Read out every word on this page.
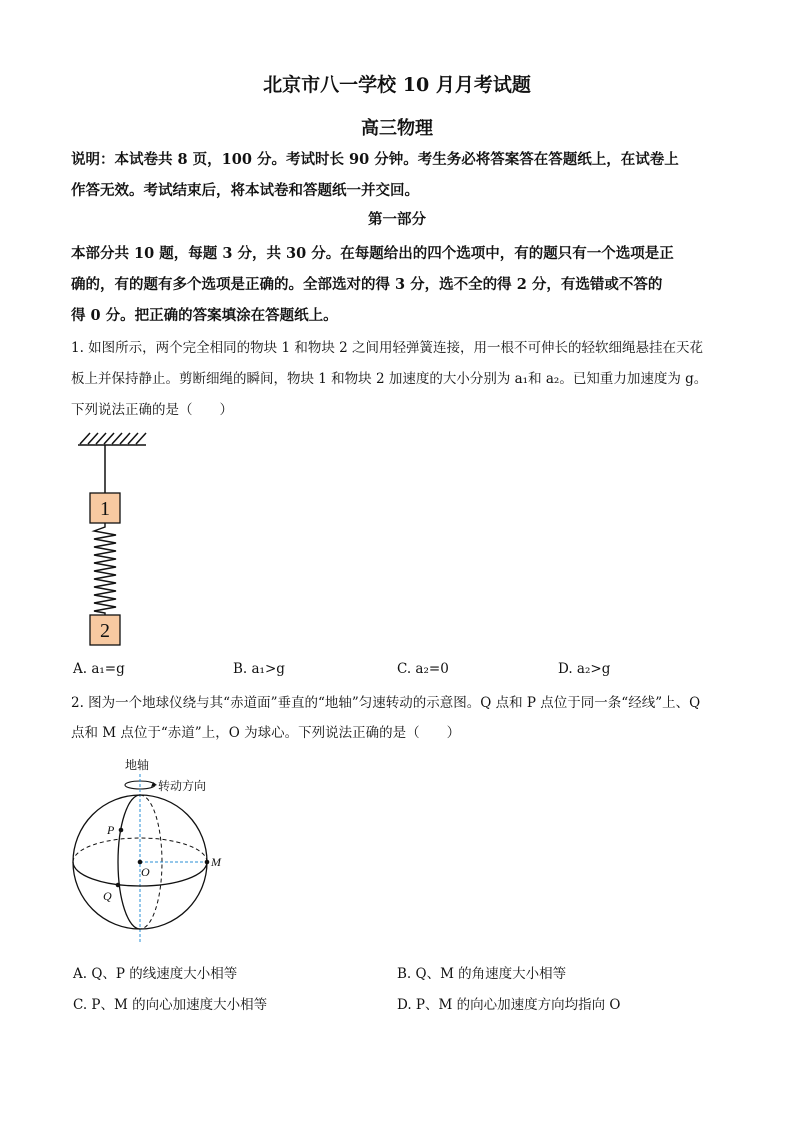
北京市八一学校 10 月月考试题
高三物理
说明：本试卷共 8 页，100 分。考试时长 90 分钟。考生务必将答案答在答题纸上，在试卷上
作答无效。考试结束后，将本试卷和答题纸一并交回。
第一部分
本部分共 10 题，每题 3 分，共 30 分。在每题给出的四个选项中，有的题只有一个选项是正
确的，有的题有多个选项是正确的。全部选对的得 3 分，选不全的得 2 分，有选错或不答的
得 0 分。把正确的答案填涂在答题纸上。
1. 如图所示，两个完全相同的物块 1 和物块 2 之间用轻弹簧连接，用一根不可伸长的轻软细绳悬挂在天花
板上并保持静止。剪断细绳的瞬间，物块 1 和物块 2 加速度的大小分别为 a₁和 a₂。已知重力加速度为 g。
下列说法正确的是（　　）
1
2
A. a₁=g	B. a₁>g	C. a₂=0	D. a₂>g
2. 图为一个地球仪绕与其“赤道面”垂直的“地轴”匀速转动的示意图。Q 点和 P 点位于同一条“经线”上、Q
点和 M 点位于“赤道”上，O 为球心。下列说法正确的是（　　）
地轴
转动方向
P
Q
O
M
A. Q、P 的线速度大小相等	B. Q、M 的角速度大小相等
C. P、M 的向心加速度大小相等	D. P、M 的向心加速度方向均指向 O
